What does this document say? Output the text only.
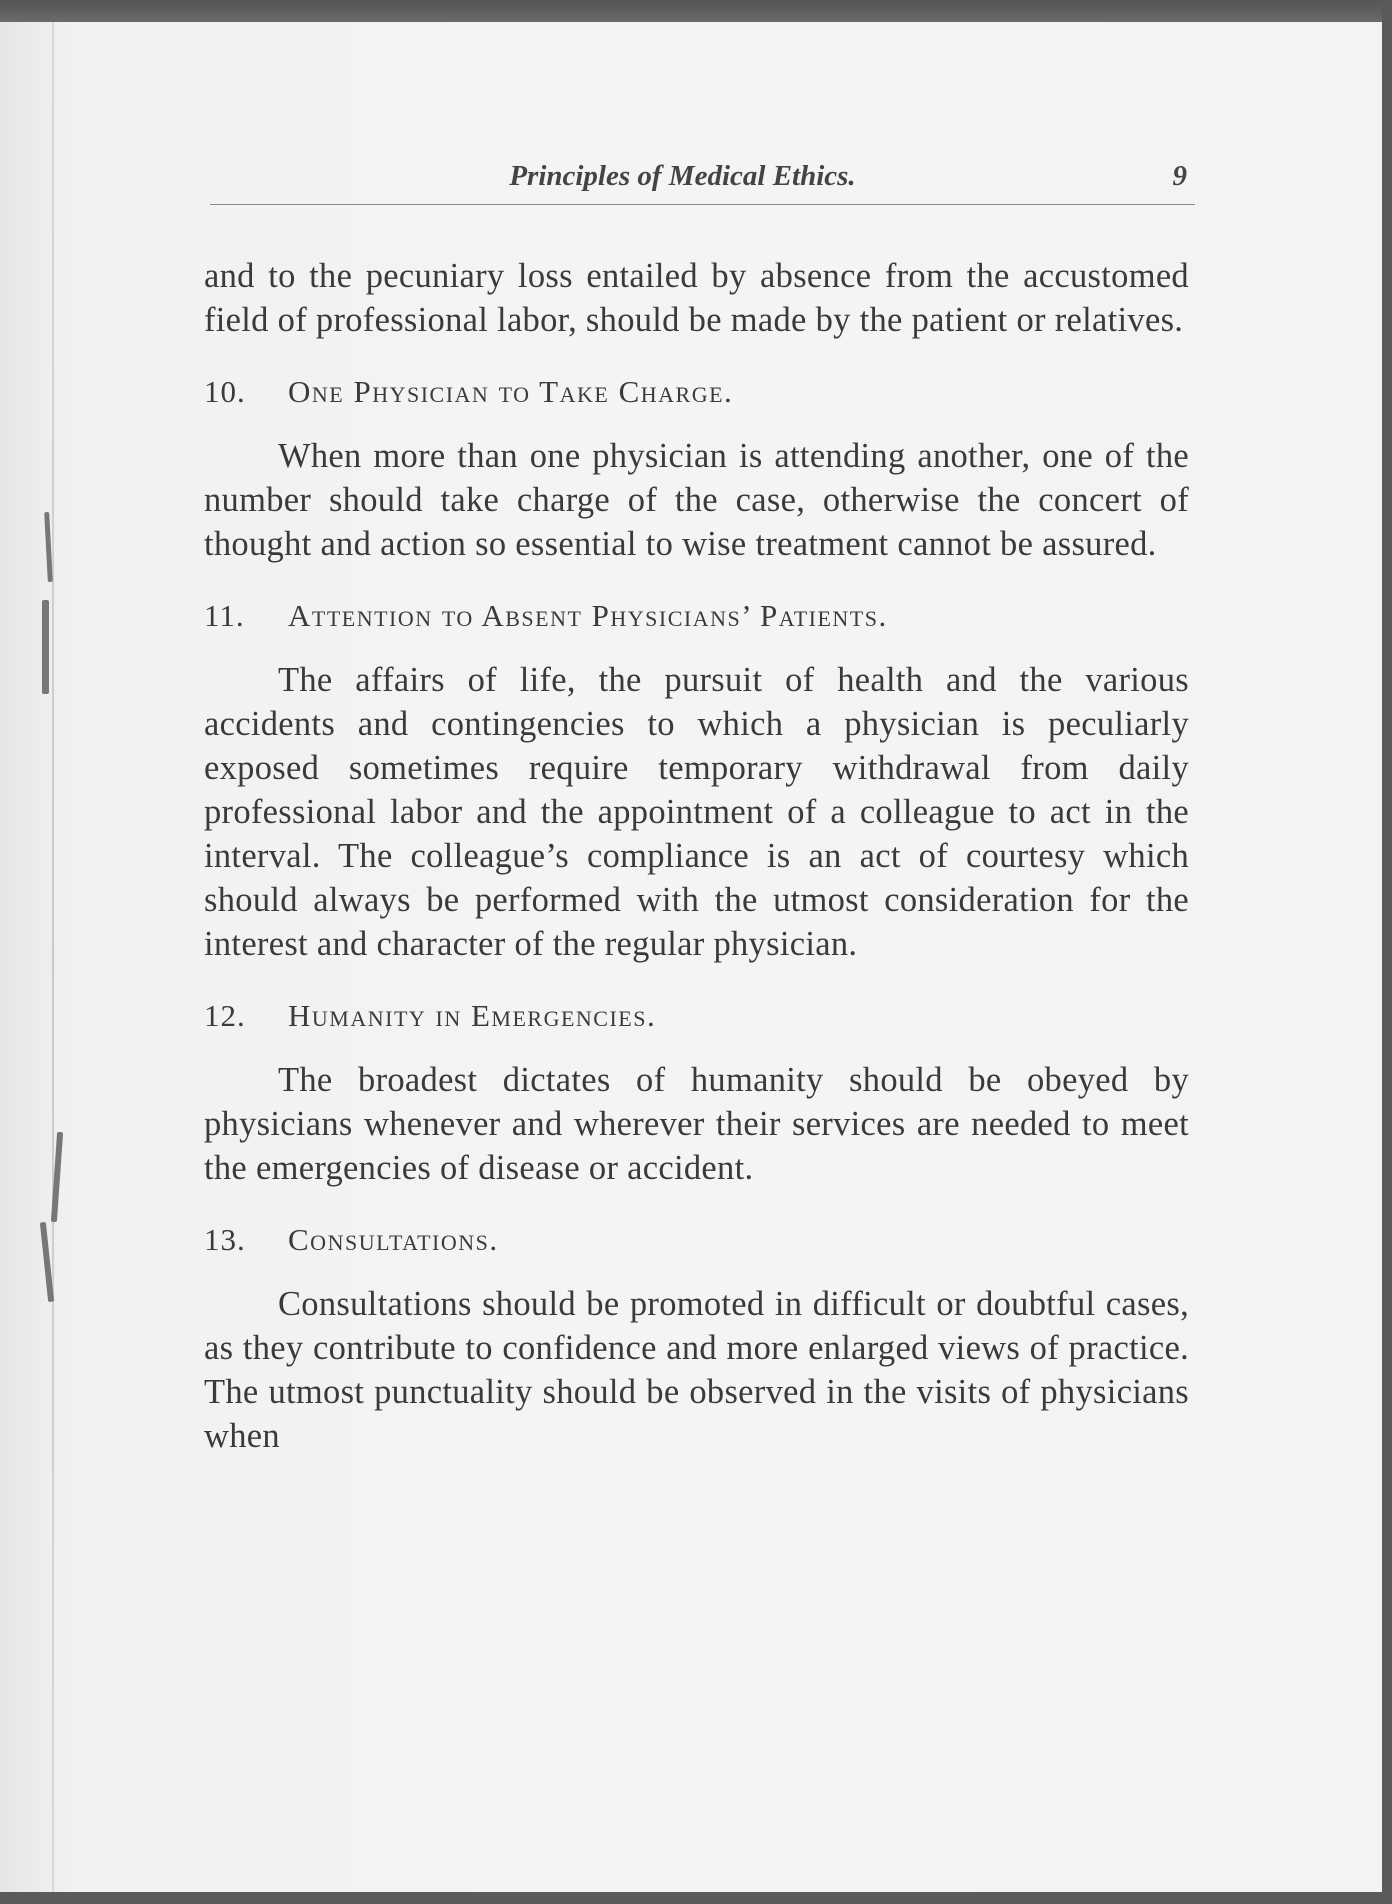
Principles of Medical Ethics.	9

and to the pecuniary loss entailed by absence from the accustomed field of professional labor, should be made by the patient or relatives.

10. One Physician to Take Charge.

When more than one physician is attending another, one of the number should take charge of the case, otherwise the concert of thought and action so essential to wise treatment cannot be assured.

11. Attention to Absent Physicians’ Patients.

The affairs of life, the pursuit of health and the various accidents and contingencies to which a physician is peculiarly exposed sometimes require temporary withdrawal from daily professional labor and the appointment of a colleague to act in the interval. The colleague’s compliance is an act of courtesy which should always be performed with the utmost consideration for the interest and character of the regular physician.

12. Humanity in Emergencies.

The broadest dictates of humanity should be obeyed by physicians whenever and wherever their services are needed to meet the emergencies of disease or accident.

13. Consultations.

Consultations should be promoted in difficult or doubtful cases, as they contribute to confidence and more enlarged views of practice. The utmost punctuality should be observed in the visits of physicians when
